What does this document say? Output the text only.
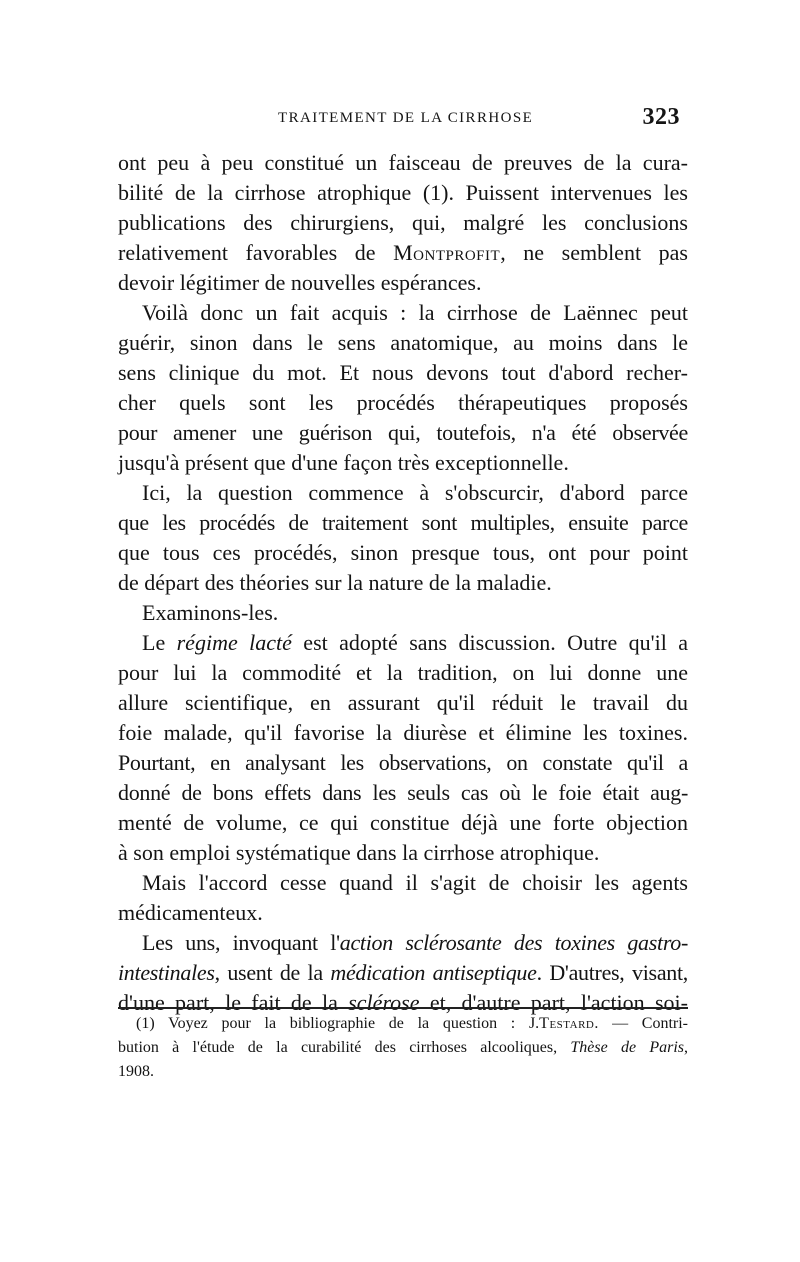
TRAITEMENT DE LA CIRRHOSE	323
ont peu à peu constitué un faisceau de preuves de la cura-
bilité de la cirrhose atrophique (1). Puissent intervenues les
publications des chirurgiens, qui, malgré les conclusions
relativement favorables de Montprofit, ne semblent pas
devoir légitimer de nouvelles espérances.
Voilà donc un fait acquis : la cirrhose de Laënnec peut
guérir, sinon dans le sens anatomique, au moins dans le
sens clinique du mot. Et nous devons tout d'abord recher-
cher quels sont les procédés thérapeutiques proposés
pour amener une guérison qui, toutefois, n'a été observée
jusqu'à présent que d'une façon très exceptionnelle.
Ici, la question commence à s'obscurcir, d'abord parce
que les procédés de traitement sont multiples, ensuite parce
que tous ces procédés, sinon presque tous, ont pour point
de départ des théories sur la nature de la maladie.
Examinons-les.
Le régime lacté est adopté sans discussion. Outre qu'il a
pour lui la commodité et la tradition, on lui donne une
allure scientifique, en assurant qu'il réduit le travail du
foie malade, qu'il favorise la diurèse et élimine les toxines.
Pourtant, en analysant les observations, on constate qu'il a
donné de bons effets dans les seuls cas où le foie était aug-
menté de volume, ce qui constitue déjà une forte objection
à son emploi systématique dans la cirrhose atrophique.
Mais l'accord cesse quand il s'agit de choisir les agents
médicamenteux.
Les uns, invoquant l'action sclérosante des toxines gastro-
intestinales, usent de la médication antiseptique. D'autres, visant,
d'une part, le fait de la sclérose et, d'autre part, l'action soi-
(1) Voyez pour la bibliographie de la question : J.Testard. — Contri-
bution à l'étude de la curabilité des cirrhoses alcooliques, Thèse de Paris,
1908.
